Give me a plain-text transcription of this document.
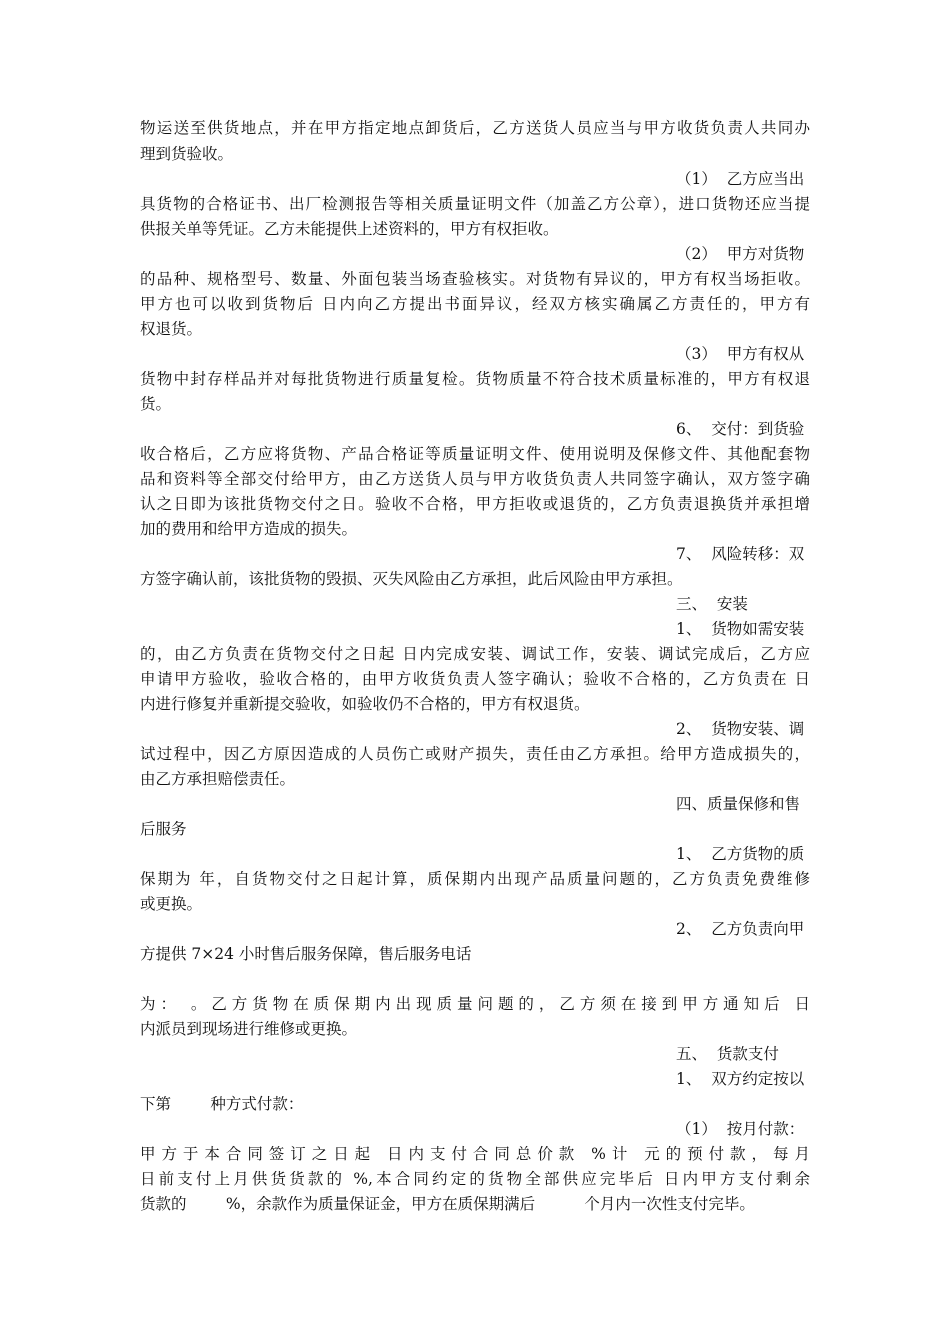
物运送至供货地点，并在甲方指定地点卸货后，乙方送货人员应当与甲方收货负责人共同办
理到货验收。
（1）  乙方应当出
具货物的合格证书、出厂检测报告等相关质量证明文件（加盖乙方公章），进口货物还应当提
供报关单等凭证。乙方未能提供上述资料的，甲方有权拒收。
（2）  甲方对货物
的品种、规格型号、数量、外面包装当场查验核实。对货物有异议的，甲方有权当场拒收。
甲方也可以收到货物后 日内向乙方提出书面异议，经双方核实确属乙方责任的，甲方有
权退货。
（3）  甲方有权从
货物中封存样品并对每批货物进行质量复检。货物质量不符合技术质量标准的，甲方有权退
货。
6、  交付：到货验
收合格后，乙方应将货物、产品合格证等质量证明文件、使用说明及保修文件、其他配套物
品和资料等全部交付给甲方，由乙方送货人员与甲方收货负责人共同签字确认，双方签字确
认之日即为该批货物交付之日。验收不合格，甲方拒收或退货的，乙方负责退换货并承担增
加的费用和给甲方造成的损失。
7、  风险转移：双
方签字确认前，该批货物的毁损、灭失风险由乙方承担，此后风险由甲方承担。
三、  安装
1、  货物如需安装
的，由乙方负责在货物交付之日起 日内完成安装、调试工作，安装、调试完成后，乙方应
申请甲方验收，验收合格的，由甲方收货负责人签字确认；验收不合格的，乙方负责在 日
内进行修复并重新提交验收，如验收仍不合格的，甲方有权退货。
2、  货物安装、调
试过程中，因乙方原因造成的人员伤亡或财产损失，责任由乙方承担。给甲方造成损失的，
由乙方承担赔偿责任。
四、质量保修和售
后服务
1、  乙方货物的质
保期为 年，自货物交付之日起计算，质保期内出现产品质量问题的，乙方负责免费维修
或更换。
2、  乙方负责向甲
方提供 7×24 小时售后服务保障，售后服务电话
为： 。乙方货物在质保期内出现质量问题的，乙方须在接到甲方通知后 日
内派员到现场进行维修或更换。
五、  货款支付
1、  双方约定按以
下第        种方式付款：
（1）  按月付款：
甲方于本合同签订之日起 日内支付合同总价款 %计 元的预付款，每月
日前支付上月供货货款的 %,本合同约定的货物全部供应完毕后 日内甲方支付剩余
货款的        %，余款作为质量保证金，甲方在质保期满后          个月内一次性支付完毕。
